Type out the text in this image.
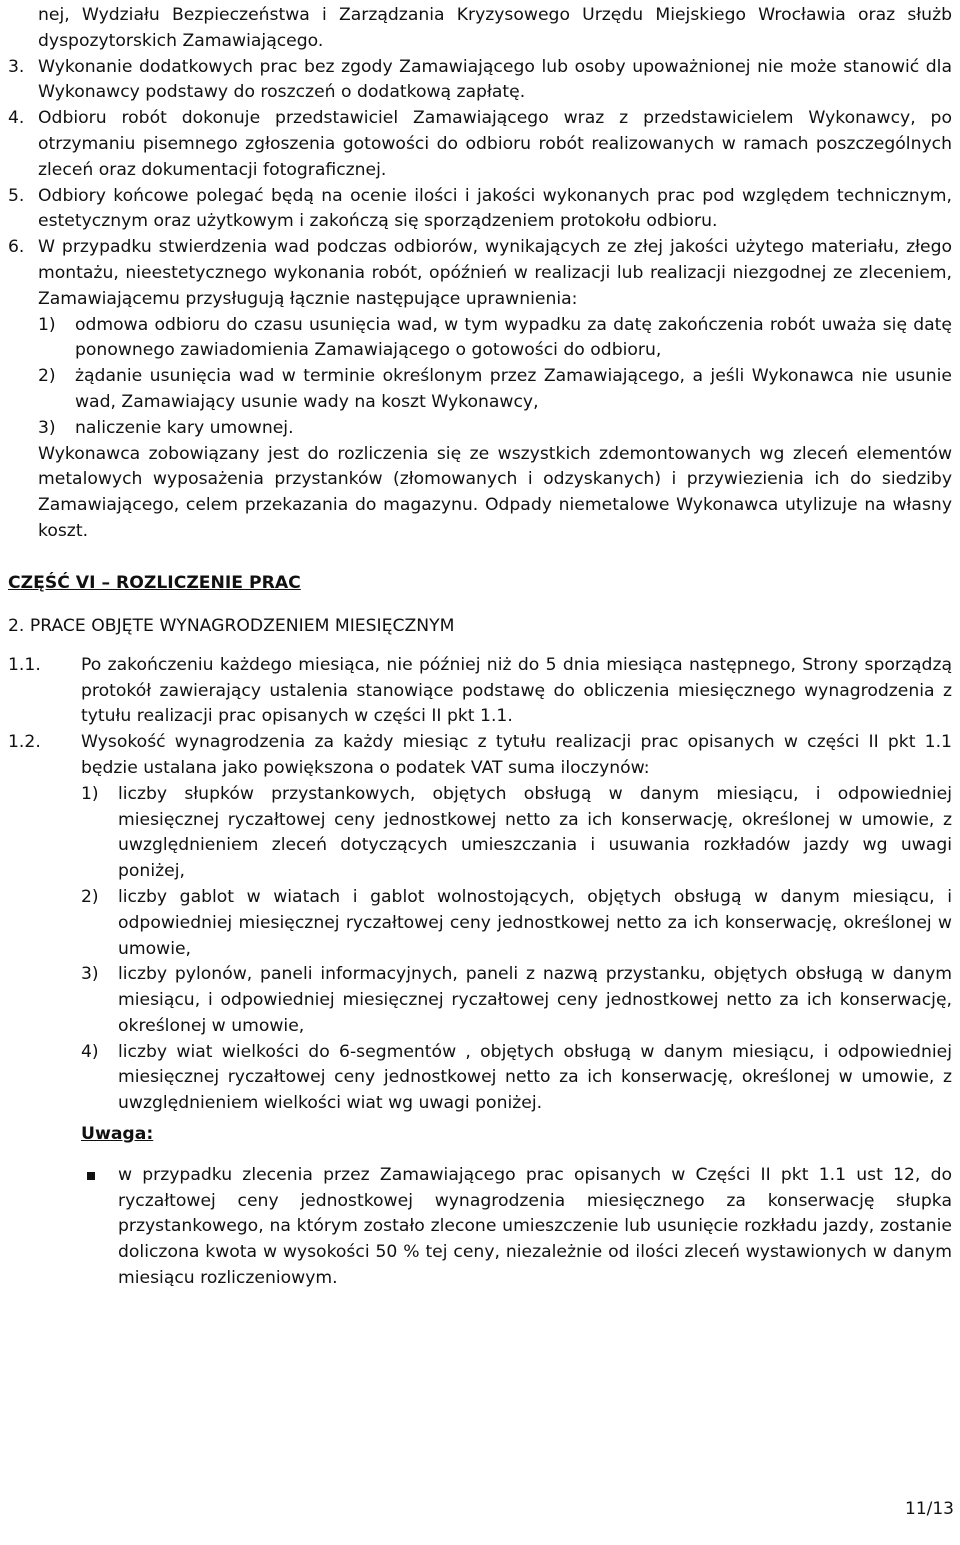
nej, Wydziału Bezpieczeństwa i Zarządzania Kryzysowego Urzędu Miejskiego Wrocławia oraz służb dyspozytorskich Zamawiającego.
3. Wykonanie dodatkowych prac bez zgody Zamawiającego lub osoby upoważnionej nie może stanowić dla Wykonawcy podstawy do roszczeń o dodatkową zapłatę.
4. Odbioru robót dokonuje przedstawiciel Zamawiającego wraz z przedstawicielem Wykonawcy, po otrzymaniu pisemnego zgłoszenia gotowości do odbioru robót realizowanych w ramach poszczególnych zleceń oraz dokumentacji fotograficznej.
5. Odbiory końcowe polegać będą na ocenie ilości i jakości wykonanych prac pod względem technicznym, estetycznym oraz użytkowym i zakończą się sporządzeniem protokołu odbioru.
6. W przypadku stwierdzenia wad podczas odbiorów, wynikających ze złej jakości użytego materiału, złego montażu, nieestetycznego wykonania robót, opóźnień w realizacji lub realizacji niezgodnej ze zleceniem, Zamawiającemu przysługują łącznie następujące uprawnienia:
1)	odmowa odbioru do czasu usunięcia wad, w tym wypadku za datę zakończenia robót uważa się datę ponownego zawiadomienia Zamawiającego o gotowości do odbioru,
2)	żądanie usunięcia wad w terminie określonym przez Zamawiającego, a jeśli Wykonawca nie usunie wad, Zamawiający usunie wady na koszt Wykonawcy,
3)	naliczenie kary umownej.
Wykonawca zobowiązany jest do rozliczenia się ze wszystkich zdemontowanych wg zleceń elementów metalowych wyposażenia przystanków (złomowanych i odzyskanych) i przywiezienia ich do siedziby Zamawiającego, celem przekazania do magazynu. Odpady niemetalowe Wykonawca utylizuje na własny koszt.
CZĘŚĆ VI – ROZLICZENIE PRAC
2. PRACE OBJĘTE WYNAGRODZENIEM MIESIĘCZNYM
1.1.	Po zakończeniu każdego miesiąca, nie później niż do 5 dnia miesiąca następnego, Strony sporządzą protokół zawierający ustalenia stanowiące podstawę do obliczenia miesięcznego wynagrodzenia z tytułu realizacji prac opisanych w części II pkt 1.1.
1.2.	Wysokość wynagrodzenia za każdy miesiąc z tytułu realizacji prac opisanych w części II pkt 1.1 będzie ustalana jako powiększona o podatek VAT suma iloczynów:
1)	liczby słupków przystankowych, objętych obsługą w danym miesiącu, i odpowiedniej miesięcznej ryczałtowej ceny jednostkowej netto za ich konserwację, określonej w umowie, z uwzględnieniem zleceń dotyczących umieszczania i usuwania rozkładów jazdy wg uwagi poniżej,
2)	liczby gablot w wiatach i gablot wolnostojących, objętych obsługą w danym miesiącu, i odpowiedniej miesięcznej ryczałtowej ceny jednostkowej netto za ich konserwację, określonej w umowie,
3)	liczby pylonów, paneli informacyjnych, paneli z nazwą przystanku, objętych obsługą w danym miesiącu, i odpowiedniej miesięcznej ryczałtowej ceny jednostkowej netto za ich konserwację, określonej w umowie,
4)	liczby wiat wielkości do 6-segmentów , objętych obsługą w danym miesiącu, i odpowiedniej miesięcznej ryczałtowej ceny jednostkowej netto za ich konserwację, określonej w umowie, z uwzględnieniem wielkości wiat wg uwagi poniżej.
Uwaga:
w przypadku zlecenia przez Zamawiającego prac opisanych w Części II pkt 1.1 ust 12, do ryczałtowej ceny jednostkowej wynagrodzenia miesięcznego za konserwację słupka przystankowego, na którym zostało zlecone umieszczenie lub usunięcie rozkładu jazdy, zostanie doliczona kwota w wysokości 50 % tej ceny, niezależnie od ilości zleceń wystawionych w danym miesiącu rozliczeniowym.
11/13
